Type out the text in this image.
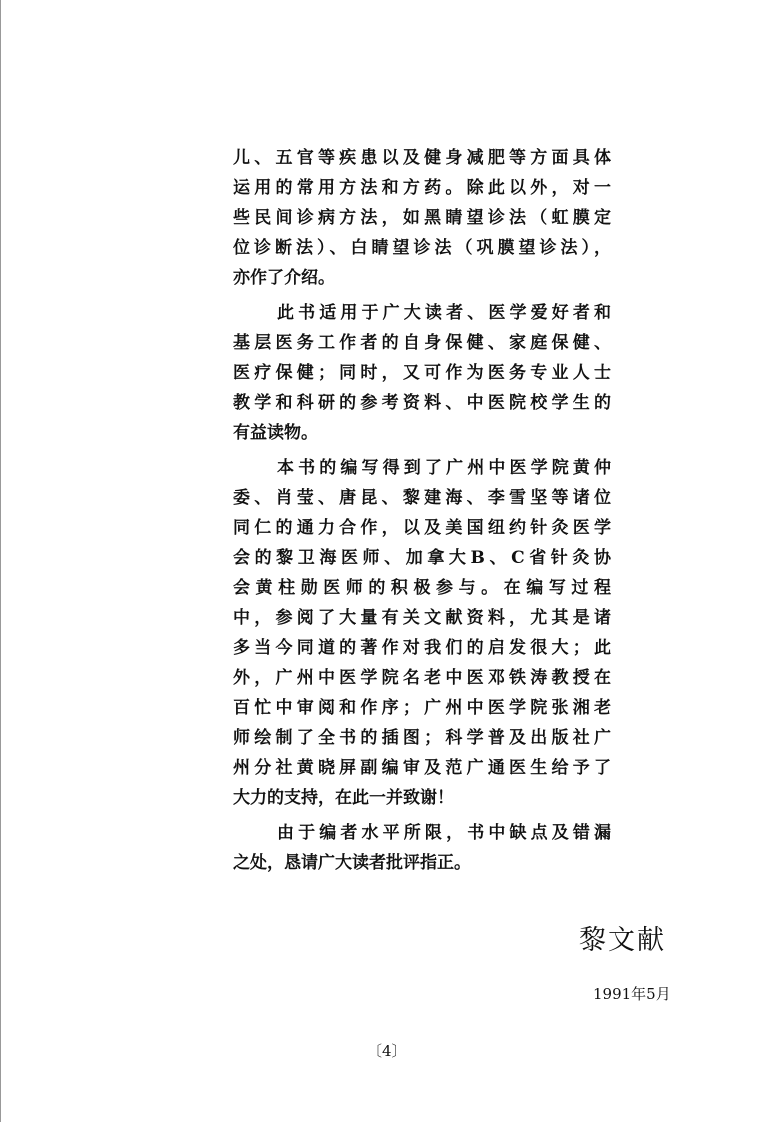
儿、五官等疾患以及健身减肥等方面具体
运用的常用方法和方药。除此以外，对一
些民间诊病方法，如黑睛望诊法（虹膜定
位诊断法）、白睛望诊法（巩膜望诊法），
亦作了介绍。
此书适用于广大读者、医学爱好者和
基层医务工作者的自身保健、家庭保健、
医疗保健；同时，又可作为医务专业人士
教学和科研的参考资料、中医院校学生的
有益读物。
本书的编写得到了广州中医学院黄仲
委、肖莹、唐昆、黎建海、李雪坚等诸位
同仁的通力合作，以及美国纽约针灸医学
会的黎卫海医师、加拿大B、C省针灸协
会黄柱勋医师的积极参与。在编写过程
中，参阅了大量有关文献资料，尤其是诸
多当今同道的著作对我们的启发很大；此
外，广州中医学院名老中医邓铁涛教授在
百忙中审阅和作序；广州中医学院张湘老
师绘制了全书的插图；科学普及出版社广
州分社黄晓屏副编审及范广通医生给予了
大力的支持，在此一并致谢！
由于编者水平所限，书中缺点及错漏
之处，恳请广大读者批评指正。
黎文献
1991年5月
〔4〕
